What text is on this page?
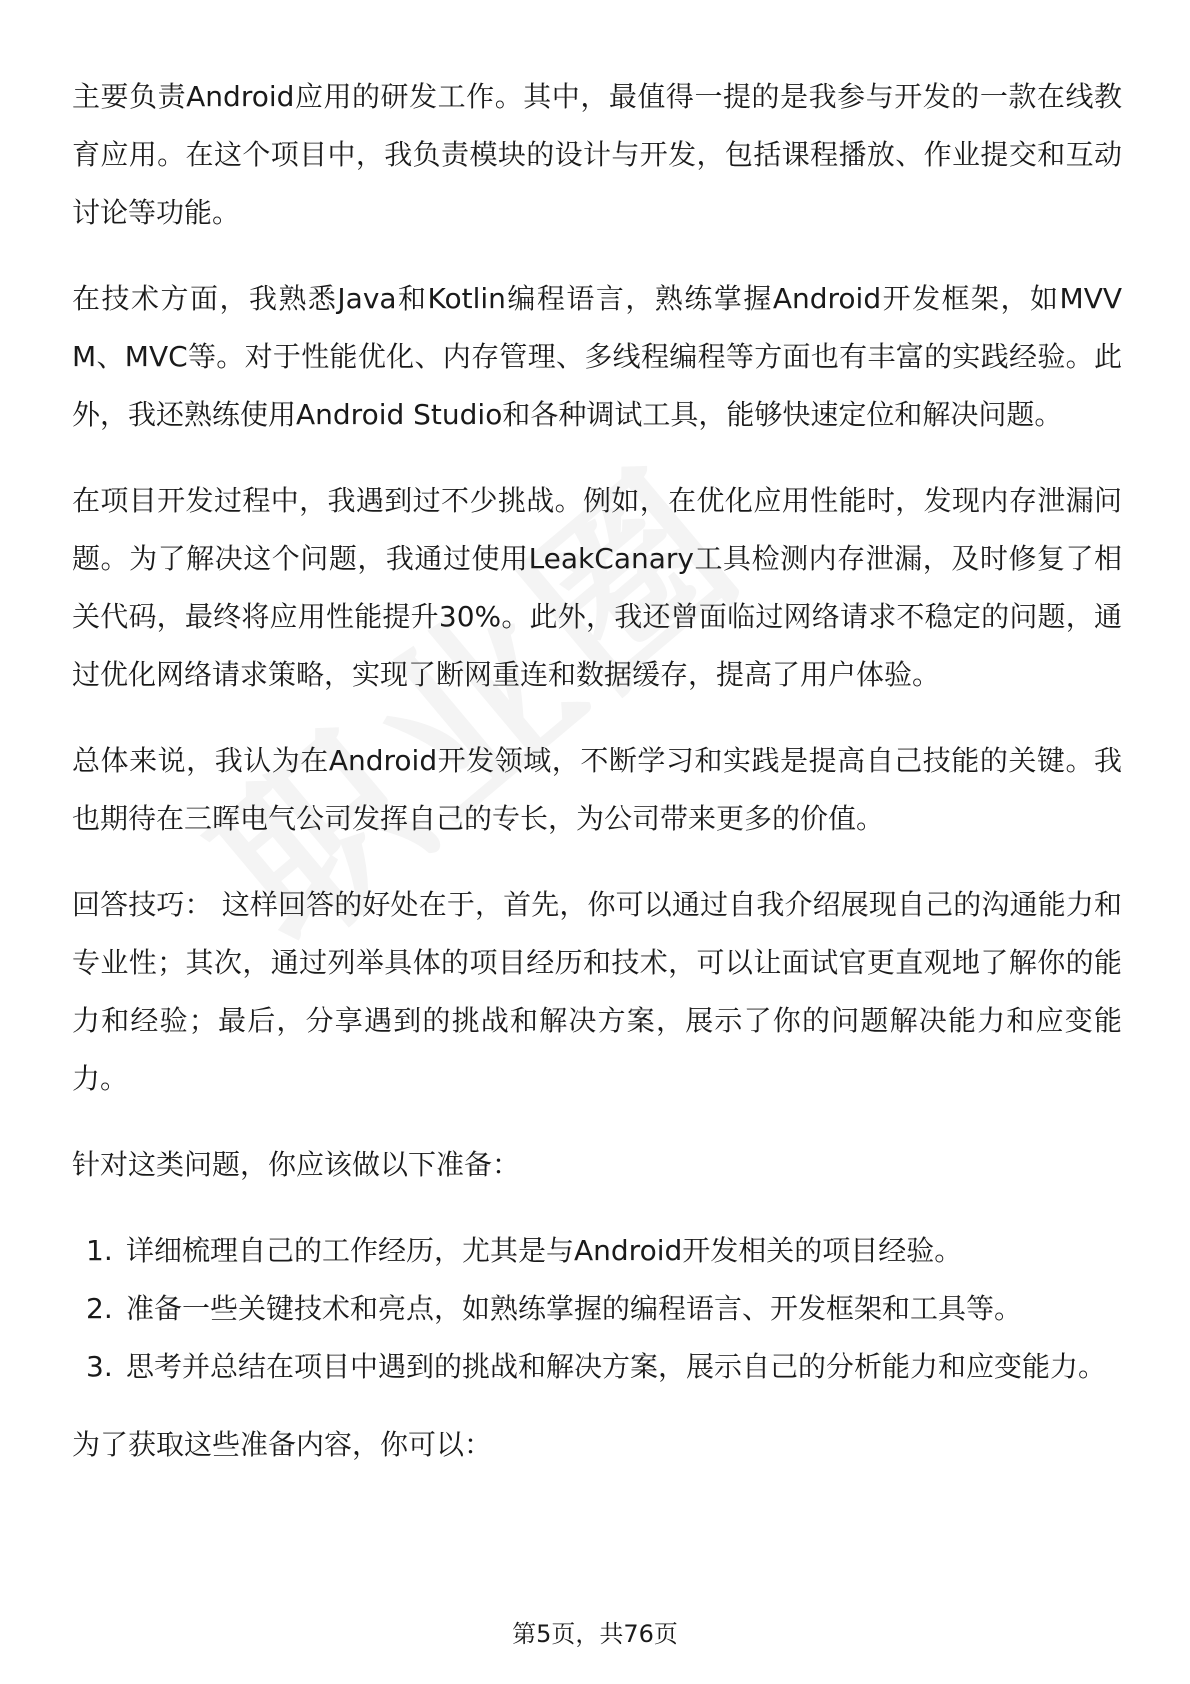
主要负责Android应用的研发工作。其中，最值得一提的是我参与开发的一款在线教育应用。在这个项目中，我负责模块的设计与开发，包括课程播放、作业提交和互动讨论等功能。

在技术方面，我熟悉Java和Kotlin编程语言，熟练掌握Android开发框架，如MVVM、MVC等。对于性能优化、内存管理、多线程编程等方面也有丰富的实践经验。此外，我还熟练使用Android Studio和各种调试工具，能够快速定位和解决问题。

在项目开发过程中，我遇到过不少挑战。例如，在优化应用性能时，发现内存泄漏问题。为了解决这个问题，我通过使用LeakCanary工具检测内存泄漏，及时修复了相关代码，最终将应用性能提升30%。此外，我还曾面临过网络请求不稳定的问题，通过优化网络请求策略，实现了断网重连和数据缓存，提高了用户体验。

总体来说，我认为在Android开发领域，不断学习和实践是提高自己技能的关键。我也期待在三晖电气公司发挥自己的专长，为公司带来更多的价值。

回答技巧： 这样回答的好处在于，首先，你可以通过自我介绍展现自己的沟通能力和专业性；其次，通过列举具体的项目经历和技术，可以让面试官更直观地了解你的能力和经验；最后，分享遇到的挑战和解决方案，展示了你的问题解决能力和应变能力。

针对这类问题，你应该做以下准备：

1. 详细梳理自己的工作经历，尤其是与Android开发相关的项目经验。
2. 准备一些关键技术和亮点，如熟练掌握的编程语言、开发框架和工具等。
3. 思考并总结在项目中遇到的挑战和解决方案，展示自己的分析能力和应变能力。

为了获取这些准备内容，你可以：

第5页，共76页
